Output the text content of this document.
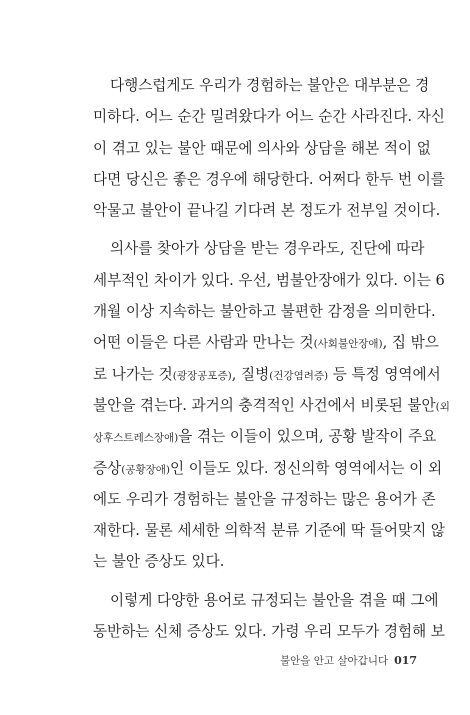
다행스럽게도 우리가 경험하는 불안은 대부분은 경
미하다. 어느 순간 밀려왔다가 어느 순간 사라진다. 자신
이 겪고 있는 불안 때문에 의사와 상담을 해본 적이 없
다면 당신은 좋은 경우에 해당한다. 어쩌다 한두 번 이를
악물고 불안이 끝나길 기다려 본 정도가 전부일 것이다.
의사를 찾아가 상담을 받는 경우라도, 진단에 따라
세부적인 차이가 있다. 우선, 범불안장애가 있다. 이는 6
개월 이상 지속하는 불안하고 불편한 감정을 의미한다.
어떤 이들은 다른 사람과 만나는 것(사회불안장애), 집 밖으
로 나가는 것(광장공포증), 질병(건강염려증) 등 특정 영역에서
불안을 겪는다. 과거의 충격적인 사건에서 비롯된 불안(외
상후스트레스장애)을 겪는 이들이 있으며, 공황 발작이 주요
증상(공황장애)인 이들도 있다. 정신의학 영역에서는 이 외
에도 우리가 경험하는 불안을 규정하는 많은 용어가 존
재한다. 물론 세세한 의학적 분류 기준에 딱 들어맞지 않
는 불안 증상도 있다.
이렇게 다양한 용어로 규정되는 불안을 겪을 때 그에
동반하는 신체 증상도 있다. 가령 우리 모두가 경험해 보
불안을 안고 살아갑니다 017
